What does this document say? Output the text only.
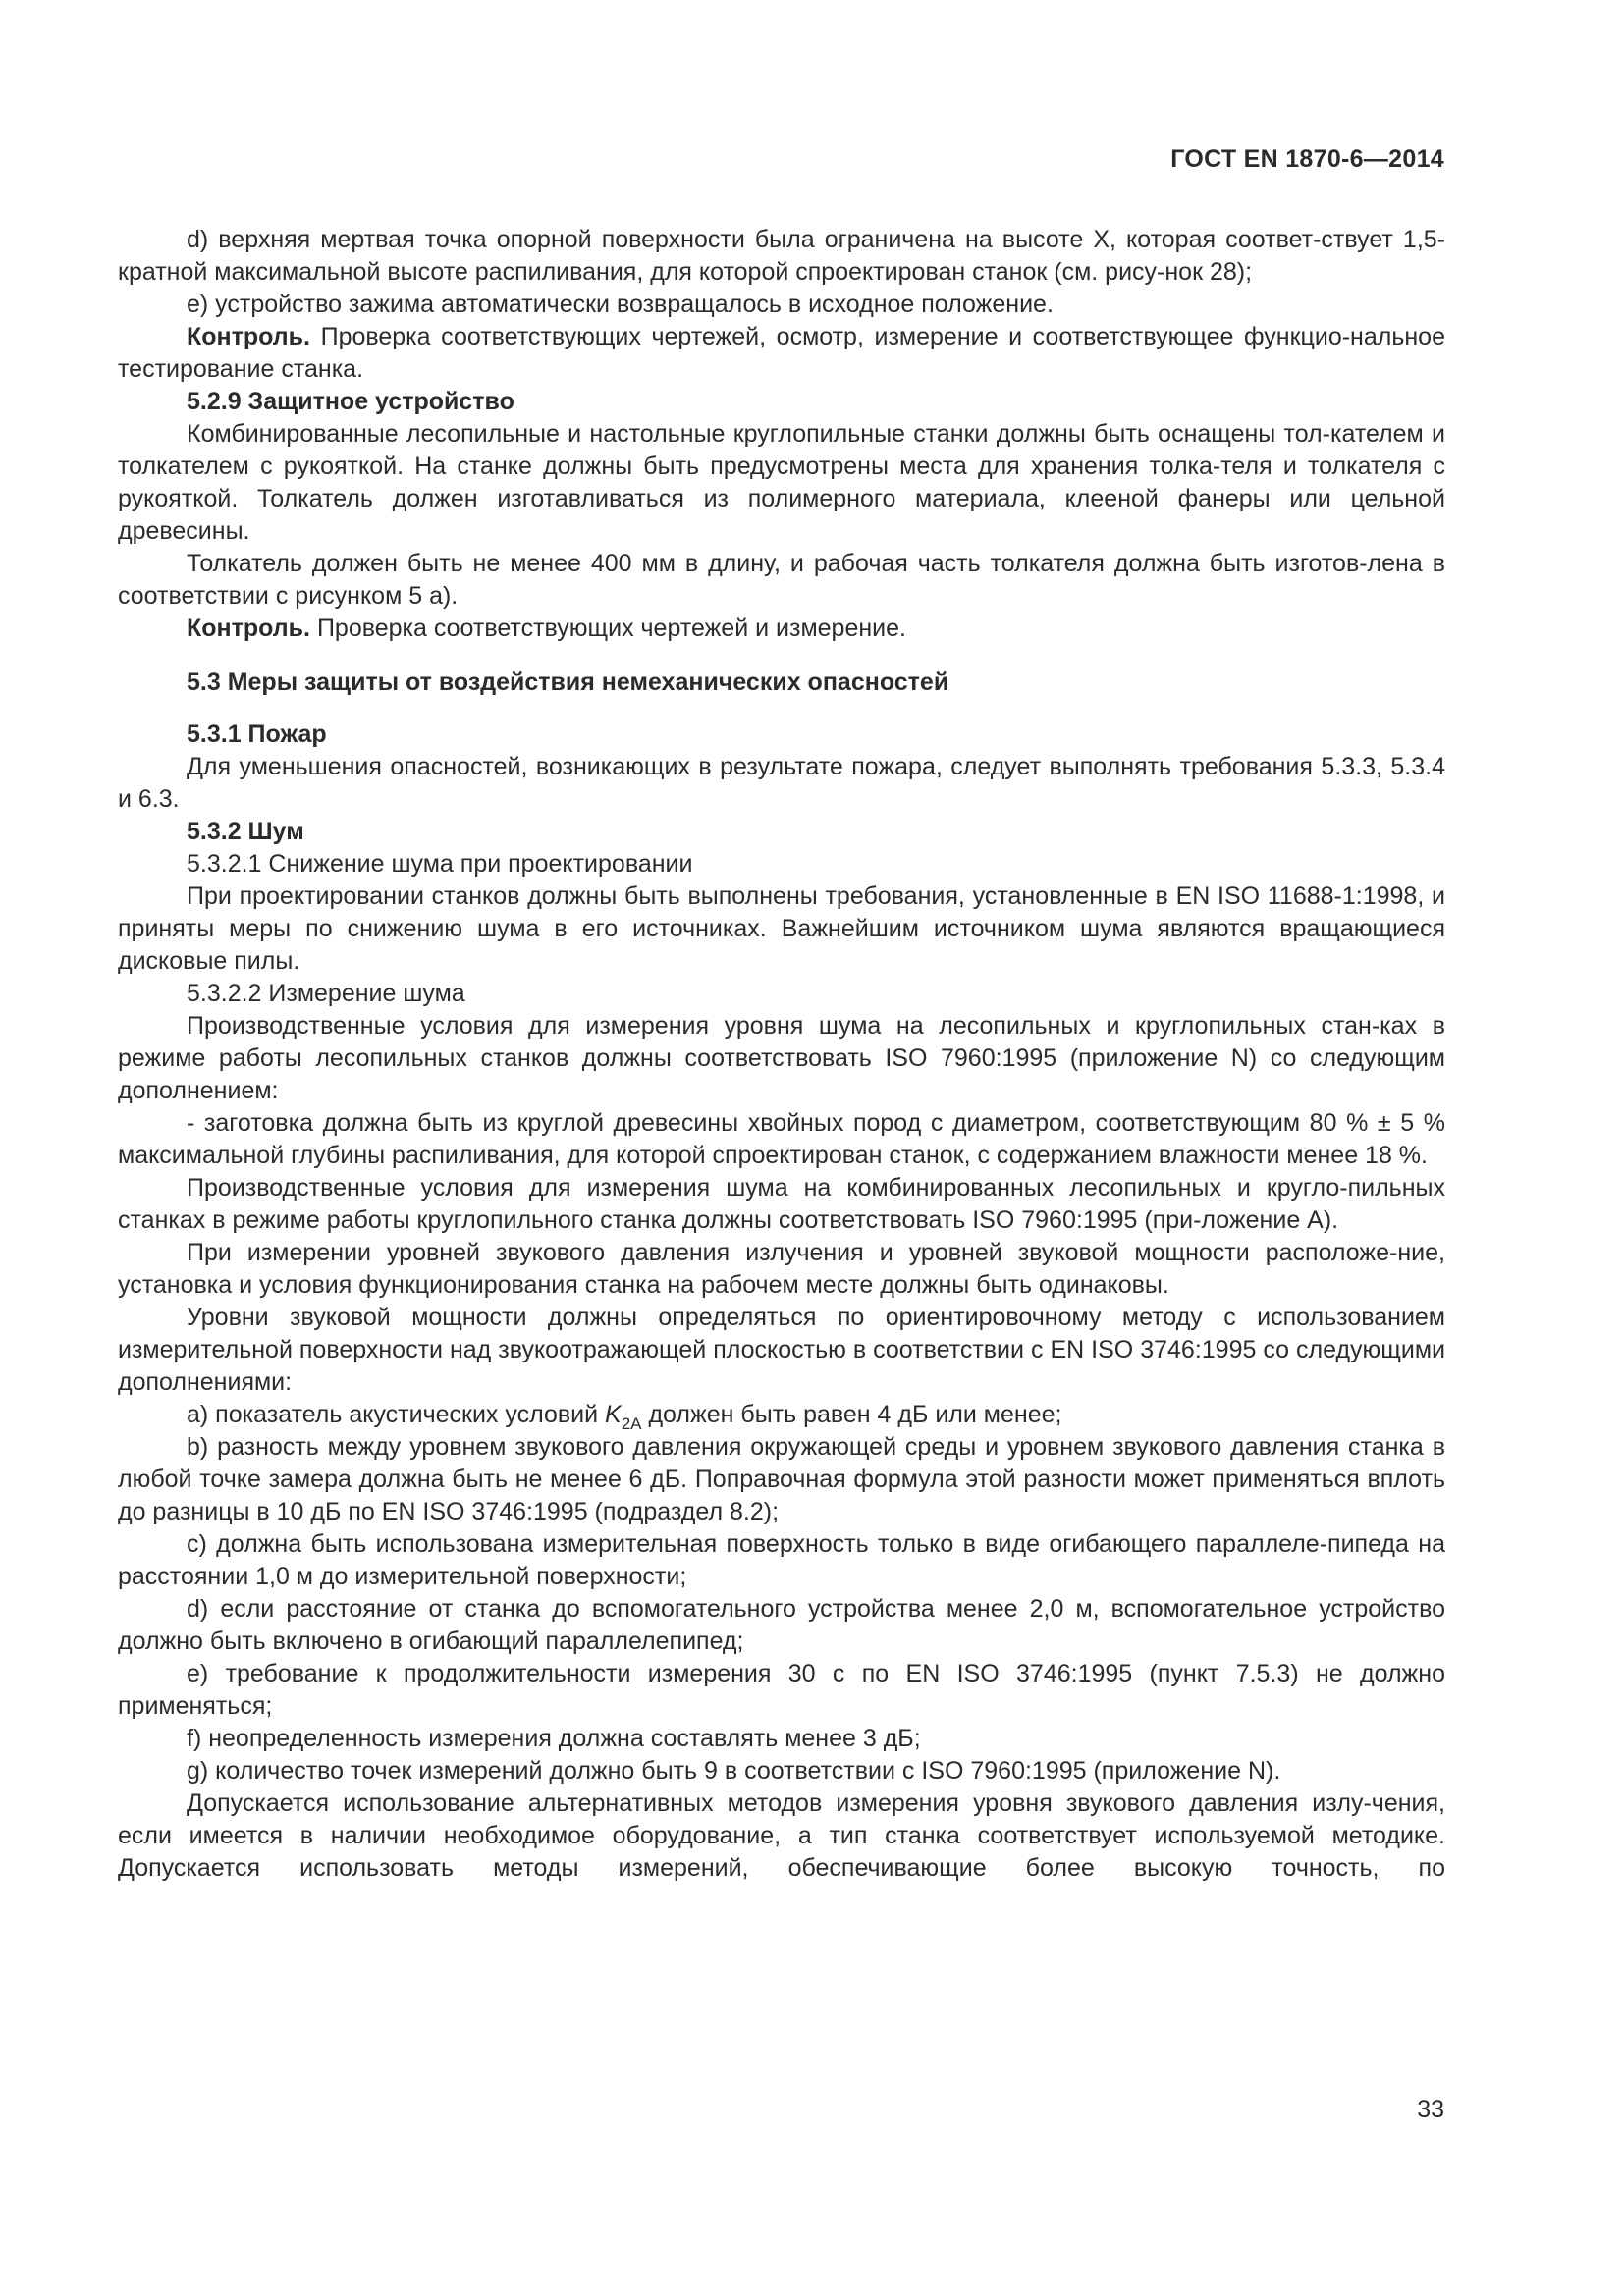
ГОСТ EN 1870-6—2014

d) верхняя мертвая точка опорной поверхности была ограничена на высоте X, которая соответ-ствует 1,5-кратной максимальной высоте распиливания, для которой спроектирован станок (см. рису-нок 28);

е) устройство зажима автоматически возвращалось в исходное положение.

Контроль. Проверка соответствующих чертежей, осмотр, измерение и соответствующее функцио-нальное тестирование станка.

5.2.9 Защитное устройство

Комбинированные лесопильные и настольные круглопильные станки должны быть оснащены тол-кателем и толкателем с рукояткой. На станке должны быть предусмотрены места для хранения толка-теля и толкателя с рукояткой. Толкатель должен изготавливаться из полимерного материала, клееной фанеры или цельной древесины.

Толкатель должен быть не менее 400 мм в длину, и рабочая часть толкателя должна быть изготов-лена в соответствии с рисунком 5 а).

Контроль. Проверка соответствующих чертежей и измерение.

5.3 Меры защиты от воздействия немеханических опасностей

5.3.1 Пожар

Для уменьшения опасностей, возникающих в результате пожара, следует выполнять требования 5.3.3, 5.3.4 и 6.3.

5.3.2 Шум

5.3.2.1 Снижение шума при проектировании

При проектировании станков должны быть выполнены требования, установленные в EN ISO 11688-1:1998, и приняты меры по снижению шума в его источниках. Важнейшим источником шума являются вращающиеся дисковые пилы.

5.3.2.2 Измерение шума

Производственные условия для измерения уровня шума на лесопильных и круглопильных стан-ках в режиме работы лесопильных станков должны соответствовать ISO 7960:1995 (приложение N) со следующим дополнением:

- заготовка должна быть из круглой древесины хвойных пород с диаметром, соответствующим 80 % ± 5 % максимальной глубины распиливания, для которой спроектирован станок, с содержанием влажности менее 18 %.

Производственные условия для измерения шума на комбинированных лесопильных и кругло-пильных станках в режиме работы круглопильного станка должны соответствовать ISO 7960:1995 (при-ложение А).

При измерении уровней звукового давления излучения и уровней звуковой мощности расположе-ние, установка и условия функционирования станка на рабочем месте должны быть одинаковы.

Уровни звуковой мощности должны определяться по ориентировочному методу с использованием измерительной поверхности над звукоотражающей плоскостью в соответствии с EN ISO 3746:1995 со следующими дополнениями:

а) показатель акустических условий $K_{2A}$ должен быть равен 4 дБ или менее;

b) разность между уровнем звукового давления окружающей среды и уровнем звукового давления станка в любой точке замера должна быть не менее 6 дБ. Поправочная формула этой разности может применяться вплоть до разницы в 10 дБ по EN ISO 3746:1995 (подраздел 8.2);

с) должна быть использована измерительная поверхность только в виде огибающего параллеле-пипеда на расстоянии 1,0 м до измерительной поверхности;

d) если расстояние от станка до вспомогательного устройства менее 2,0 м, вспомогательное устройство должно быть включено в огибающий параллелепипед;

е) требование к продолжительности измерения 30 с по EN ISO 3746:1995 (пункт 7.5.3) не должно применяться;

f) неопределенность измерения должна составлять менее 3 дБ;

g) количество точек измерений должно быть 9 в соответствии с ISO 7960:1995 (приложение N).

Допускается использование альтернативных методов измерения уровня звукового давления излу-чения, если имеется в наличии необходимое оборудование, а тип станка соответствует используемой методике. Допускается использовать методы измерений, обеспечивающие более высокую точность, по

33
